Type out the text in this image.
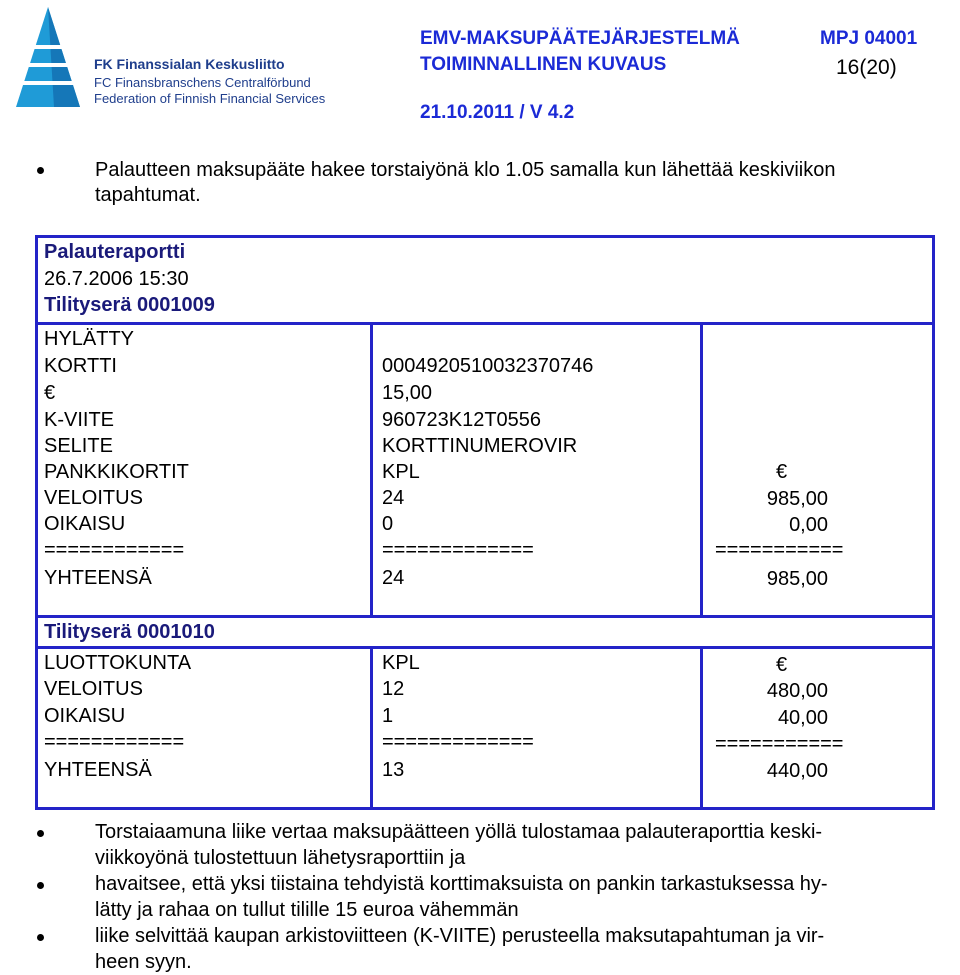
FK Finanssialan Keskusliitto
FC Finansbranschens Centralförbund
Federation of Finnish Financial Services
EMV-MAKSUPÄÄTEJÄRJESTELMÄ	MPJ 04001
TOIMINNALLINEN KUVAUS	16(20)
21.10.2011 / V 4.2
Palautteen maksupääte hakee torstaiyönä klo 1.05 samalla kun lähettää keskiviikon
tapahtumat.
Palauteraportti
26.7.2006 15:30
Tilityserä 0001009
HYLÄTTY
KORTTI
€
K-VIITE
SELITE
PANKKIKORTIT
VELOITUS
OIKAISU
============
YHTEENSÄ
0004920510032370746
15,00
960723K12T0556
KORTTINUMEROVIR
KPL
24
0
=============
24
€
985,00
0,00
===========
985,00
Tilityserä 0001010
LUOTTOKUNTA
VELOITUS
OIKAISU
============
YHTEENSÄ
KPL
12
1
=============
13
€
480,00
40,00
===========
440,00
Torstaiaamuna liike vertaa maksupäätteen yöllä tulostamaa palauteraporttia keski-
viikkoyönä tulostettuun lähetysraporttiin ja
havaitsee, että yksi tiistaina tehdyistä korttimaksuista on pankin tarkastuksessa hy-
lätty ja rahaa on tullut tilille 15 euroa vähemmän
liike selvittää kaupan arkistoviitteen (K-VIITE) perusteella maksutapahtuman ja vir-
heen syyn.
